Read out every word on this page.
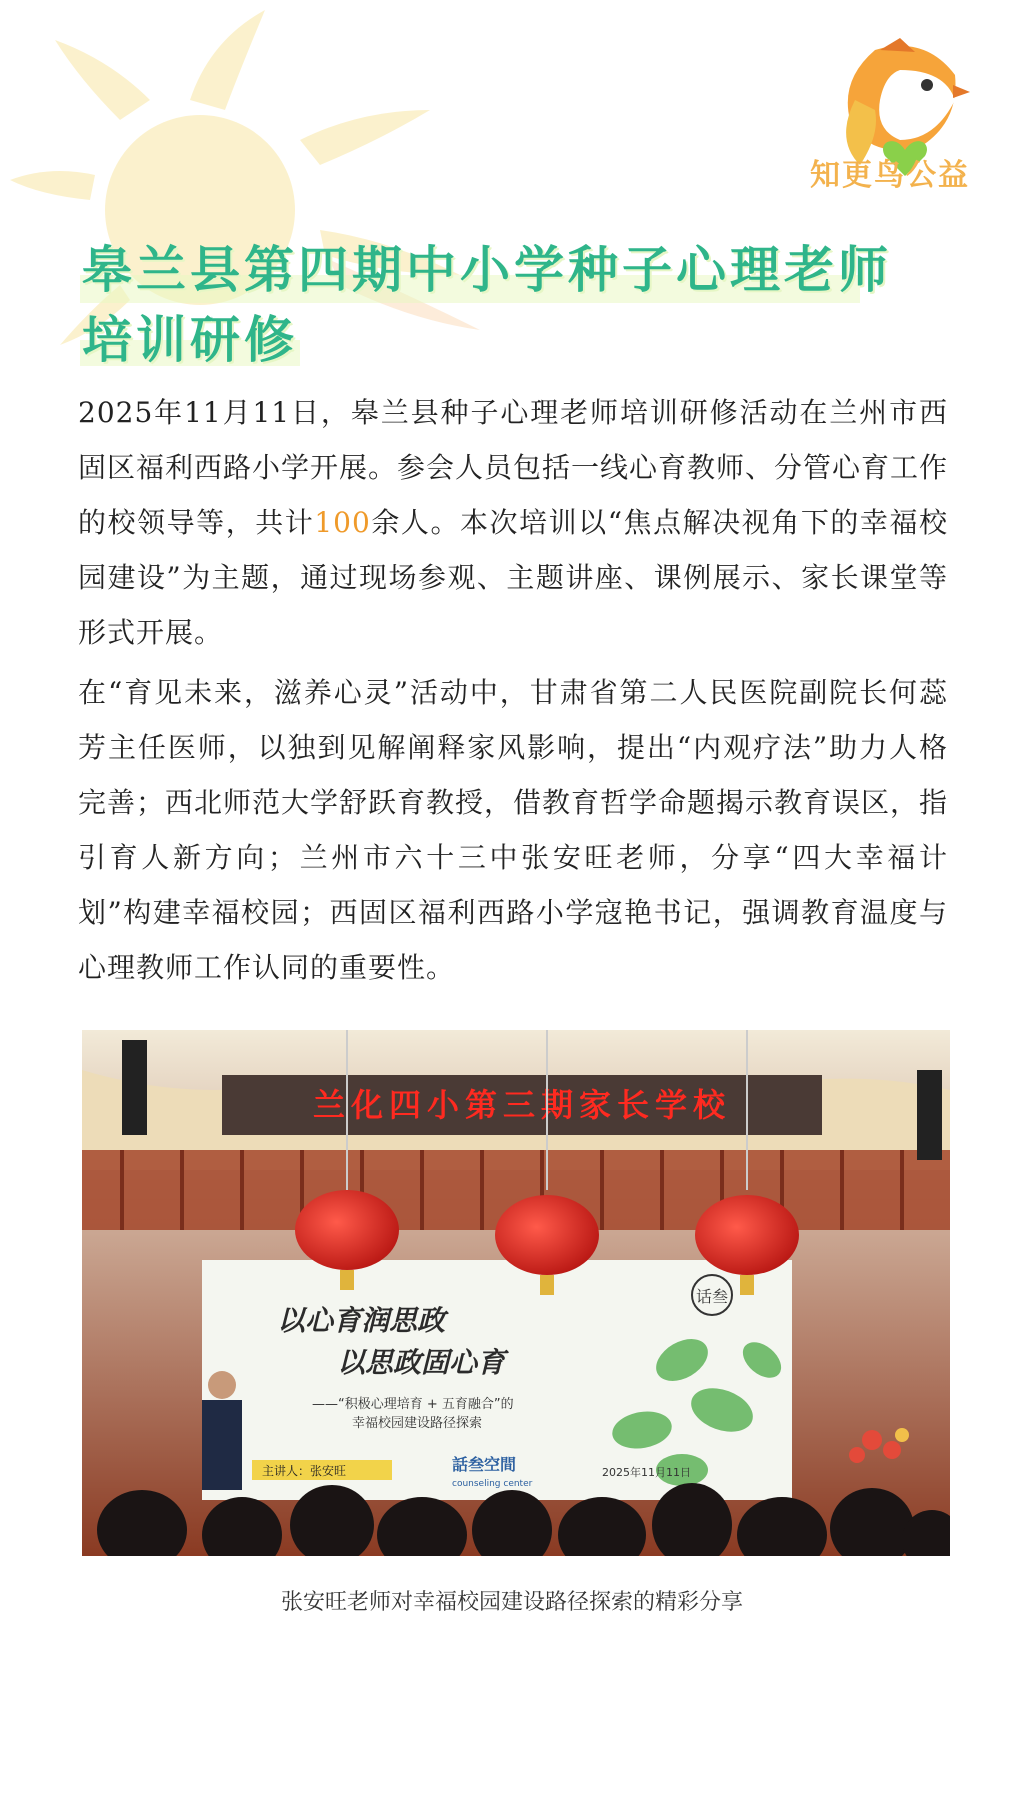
知更鸟公益
皋兰县第四期中小学种子心理老师
培训研修

2025年11月11日，皋兰县种子心理老师培训研修活动在兰州市西固区福利西路小学开展。参会人员包括一线心育教师、分管心育工作的校领导等，共计100余人。本次培训以“焦点解决视角下的幸福校园建设”为主题，通过现场参观、主题讲座、课例展示、家长课堂等形式开展。

在“育见未来，滋养心灵”活动中，甘肃省第二人民医院副院长何蕊芳主任医师，以独到见解阐释家风影响，提出“内观疗法”助力人格完善；西北师范大学舒跃育教授，借教育哲学命题揭示教育误区，指引育人新方向；兰州市六十三中张安旺老师，分享“四大幸福计划”构建幸福校园；西固区福利西路小学寇艳书记，强调教育温度与心理教师工作认同的重要性。

兰化四小第三期家长学校
以心育润思政
以思政固心育
——“积极心理培育 + 五育融合”的
幸福校园建设路径探索
话叁
話叁空間
counseling center
2025年11月11日
主讲人：张安旺
张安旺老师对幸福校园建设路径探索的精彩分享
